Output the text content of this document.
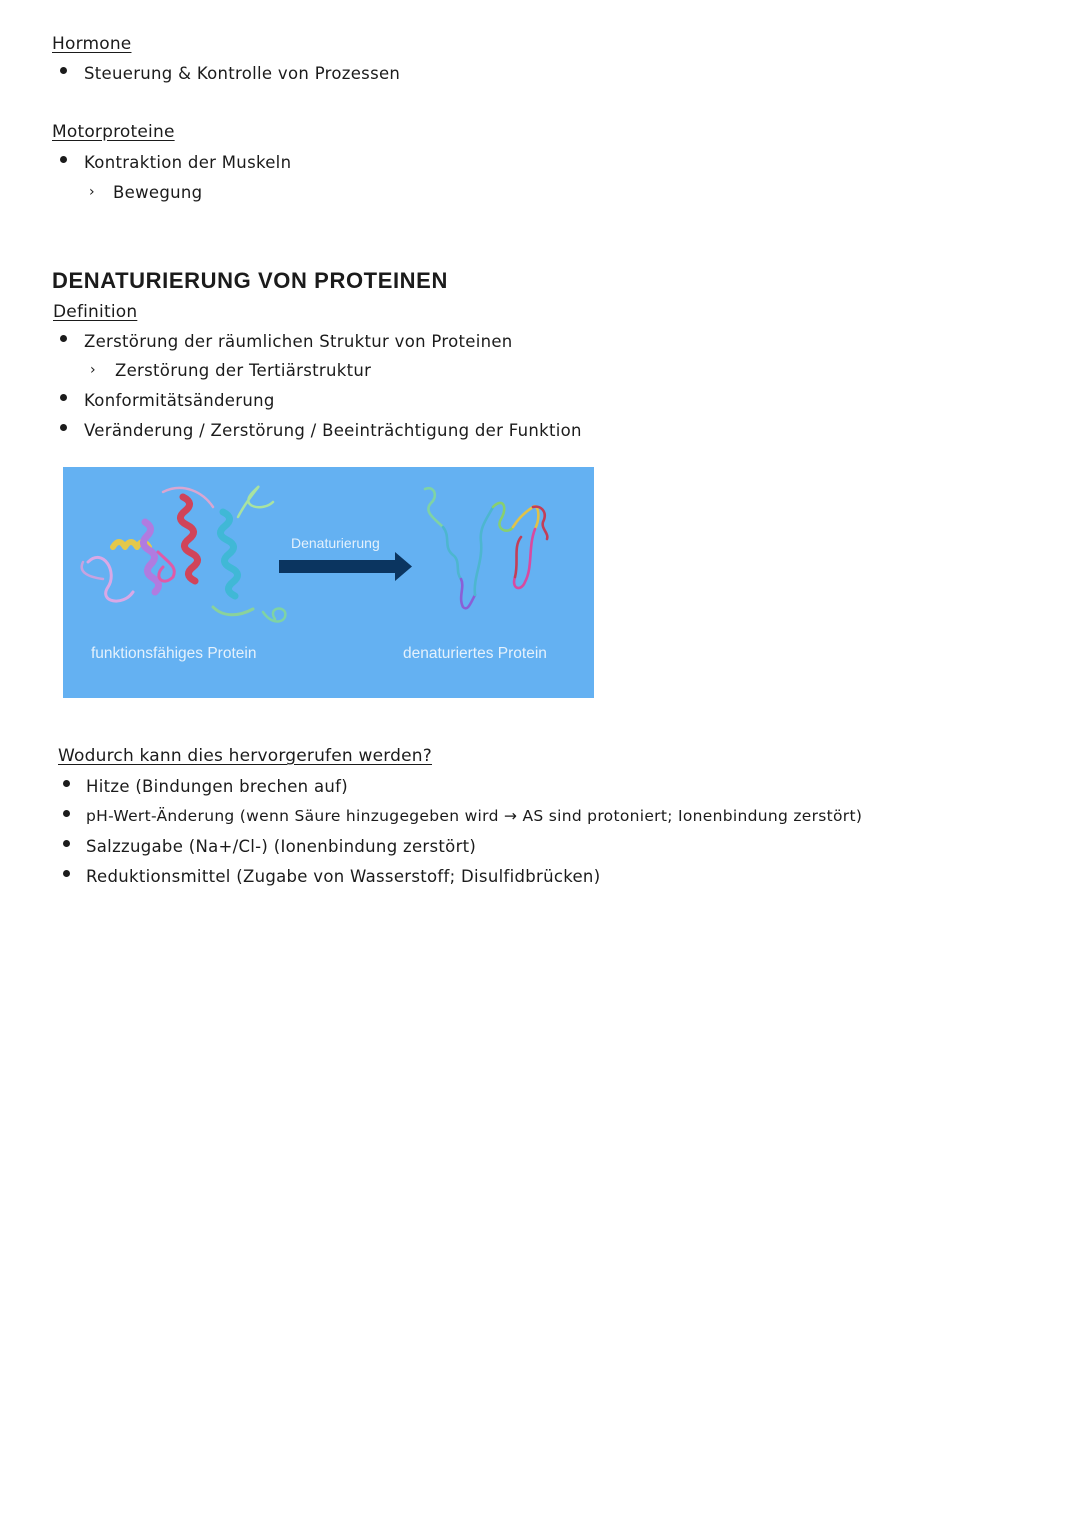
Hormone
Steuerung & Kontrolle von Prozessen
Motorproteine
Kontraktion der Muskeln
› Bewegung
DENATURIERUNG VON PROTEINEN
Definition
Zerstörung der räumlichen Struktur von Proteinen
› Zerstörung der Tertiärstruktur
Konformitätsänderung
Veränderung / Zerstörung / Beeinträchtigung der Funktion
Denaturierung
funktionsfähiges Protein	denaturiertes Protein
Wodurch kann dies hervorgerufen werden?
Hitze (Bindungen brechen auf)
pH-Wert-Änderung (wenn Säure hinzugegeben wird → AS sind protoniert; Ionenbindung zerstört)
Salzzugabe (Na+/Cl-) (Ionenbindung zerstört)
Reduktionsmittel (Zugabe von Wasserstoff; Disulfidbrücken)
